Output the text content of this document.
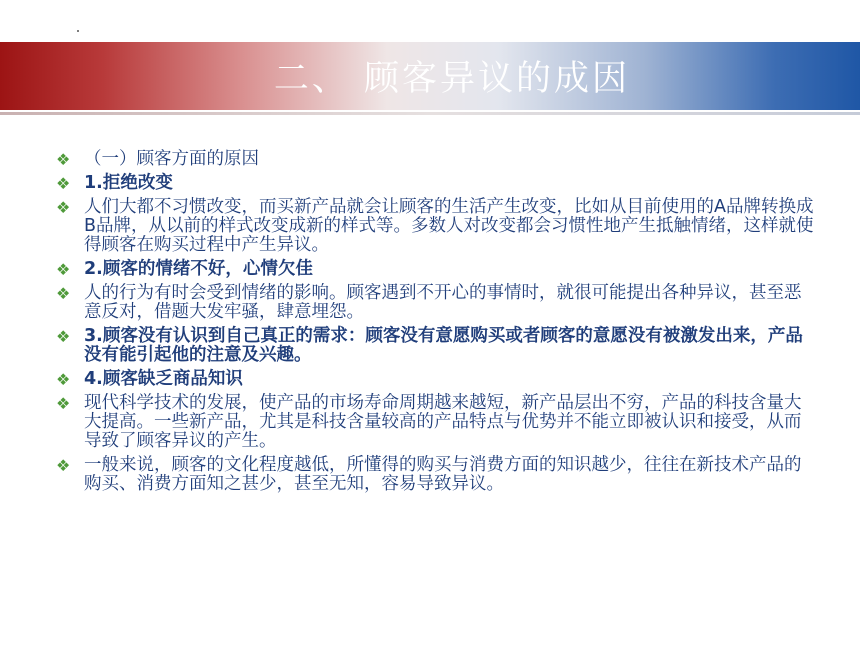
二、 顾客异议的成因
❖ （一）顾客方面的原因
❖ 1.拒绝改变
❖ 人们大都不习惯改变，而买新产品就会让顾客的生活产生改变，比如从目前使用的A品牌转换成B品牌，从以前的样式改变成新的样式等。多数人对改变都会习惯性地产生抵触情绪，这样就使得顾客在购买过程中产生异议。
❖ 2.顾客的情绪不好，心情欠佳
❖ 人的行为有时会受到情绪的影响。顾客遇到不开心的事情时，就很可能提出各种异议，甚至恶意反对，借题大发牢骚，肆意埋怨。
❖ 3.顾客没有认识到自己真正的需求：顾客没有意愿购买或者顾客的意愿没有被激发出来，产品没有能引起他的注意及兴趣。
❖ 4.顾客缺乏商品知识
❖ 现代科学技术的发展，使产品的市场寿命周期越来越短，新产品层出不穷，产品的科技含量大大提高。一些新产品，尤其是科技含量较高的产品特点与优势并不能立即被认识和接受，从而导致了顾客异议的产生。
❖ 一般来说，顾客的文化程度越低，所懂得的购买与消费方面的知识越少，往往在新技术产品的购买、消费方面知之甚少，甚至无知，容易导致异议。
